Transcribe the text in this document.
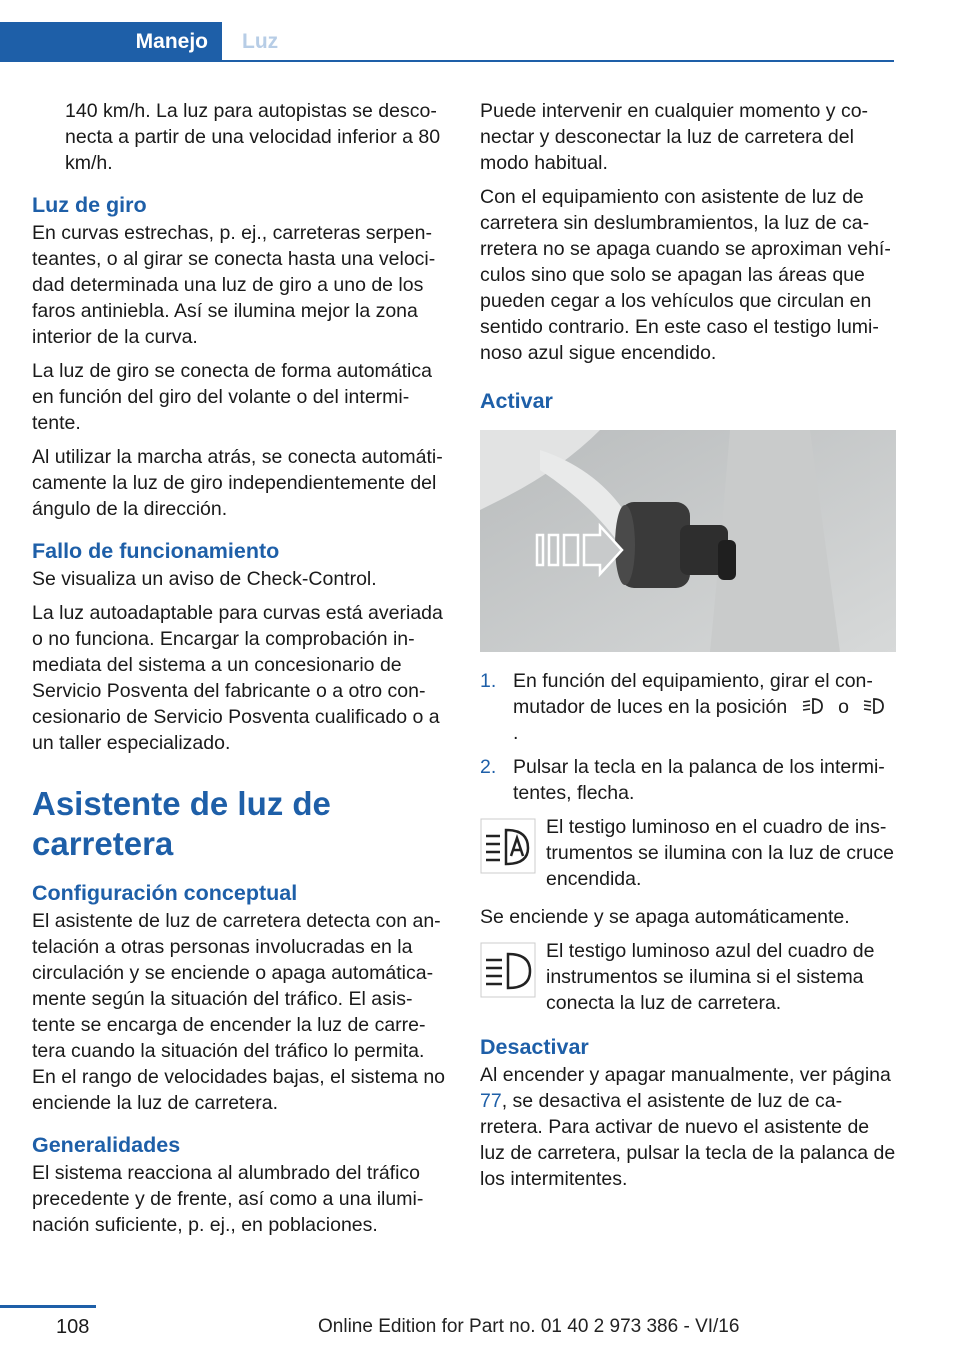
Manejo	Luz

140 km/h. La luz para autopistas se desconecta a partir de una velocidad inferior a 80 km/h.

Luz de giro

En curvas estrechas, p. ej., carreteras serpenteantes, o al girar se conecta hasta una velocidad determinada una luz de giro a uno de los faros antiniebla. Así se ilumina mejor la zona interior de la curva.

La luz de giro se conecta de forma automática en función del giro del volante o del intermitente.

Al utilizar la marcha atrás, se conecta automáticamente la luz de giro independientemente del ángulo de la dirección.

Fallo de funcionamiento

Se visualiza un aviso de Check-Control.

La luz autoadaptable para curvas está averiada o no funciona. Encargar la comprobación inmediata del sistema a un concesionario de Servicio Posventa del fabricante o a otro concesionario de Servicio Posventa cualificado o a un taller especializado.

Asistente de luz de carretera
Configuración conceptual

El asistente de luz de carretera detecta con antelación a otras personas involucradas en la circulación y se enciende o apaga automáticamente según la situación del tráfico. El asistente se encarga de encender la luz de carretera cuando la situación del tráfico lo permita. En el rango de velocidades bajas, el sistema no enciende la luz de carretera.

Generalidades

El sistema reacciona al alumbrado del tráfico precedente y de frente, así como a una iluminación suficiente, p. ej., en poblaciones.

Puede intervenir en cualquier momento y conectar y desconectar la luz de carretera del modo habitual.

Con el equipamiento con asistente de luz de carretera sin deslumbramientos, la luz de carretera no se apaga cuando se aproximan vehículos sino que solo se apagan las áreas que pueden cegar a los vehículos que circulan en sentido contrario. En este caso el testigo luminoso azul sigue encendido.

Activar
1. En función del equipamiento, girar el conmutador de luces en la posición	o  .
2. Pulsar la tecla en la palanca de los intermitentes, flecha.
El testigo luminoso en el cuadro de instrumentos se ilumina con la luz de cruce encendida.

Se enciende y se apaga automáticamente.

El testigo luminoso azul del cuadro de instrumentos se ilumina si el sistema conecta la luz de carretera.
Desactivar

Al encender y apagar manualmente, ver página 77, se desactiva el asistente de luz de carretera. Para activar de nuevo el asistente de luz de carretera, pulsar la tecla de la palanca de los intermitentes.

108	Online Edition for Part no. 01 40 2 973 386 - VI/16
